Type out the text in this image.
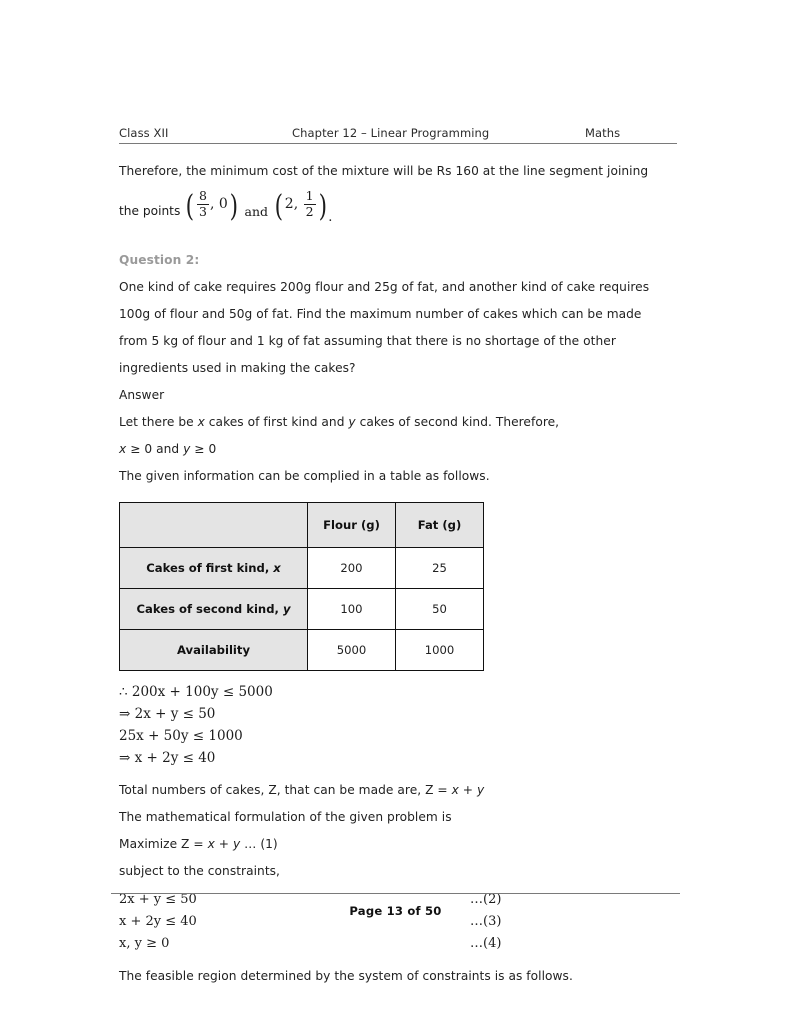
Class XII	Chapter 12 – Linear Programming	Maths

Therefore, the minimum cost of the mixture will be Rs 160 at the line segment joining

the points ( $\frac{8}{3}$ , 0 ) and ( 2 , $\frac{1}{2}$ ) .

Question 2:

One kind of cake requires 200g flour and 25g of fat, and another kind of cake requires

100g of flour and 50g of fat. Find the maximum number of cakes which can be made

from 5 kg of flour and 1 kg of fat assuming that there is no shortage of the other

ingredients used in making the cakes?

Answer

Let there be x cakes of first kind and y cakes of second kind. Therefore,

x ≥ 0 and y ≥ 0

The given information can be complied in a table as follows.

	Flour (g)	Fat (g)
Cakes of first kind, x	200	25
Cakes of second kind, y	100	50
Availability	5000	1000
∴ 200x + 100y ≤ 5000
⇒ 2x + y ≤ 50
25x + 50y ≤ 1000
⇒ x + 2y ≤ 40

Total numbers of cakes, Z, that can be made are, Z = x + y

The mathematical formulation of the given problem is

Maximize Z = x + y … (1)

subject to the constraints,

2x + y ≤ 50	…(2)
x + 2y ≤ 40	…(3)
x, y ≥ 0	…(4)

The feasible region determined by the system of constraints is as follows.

Page 13 of 50
